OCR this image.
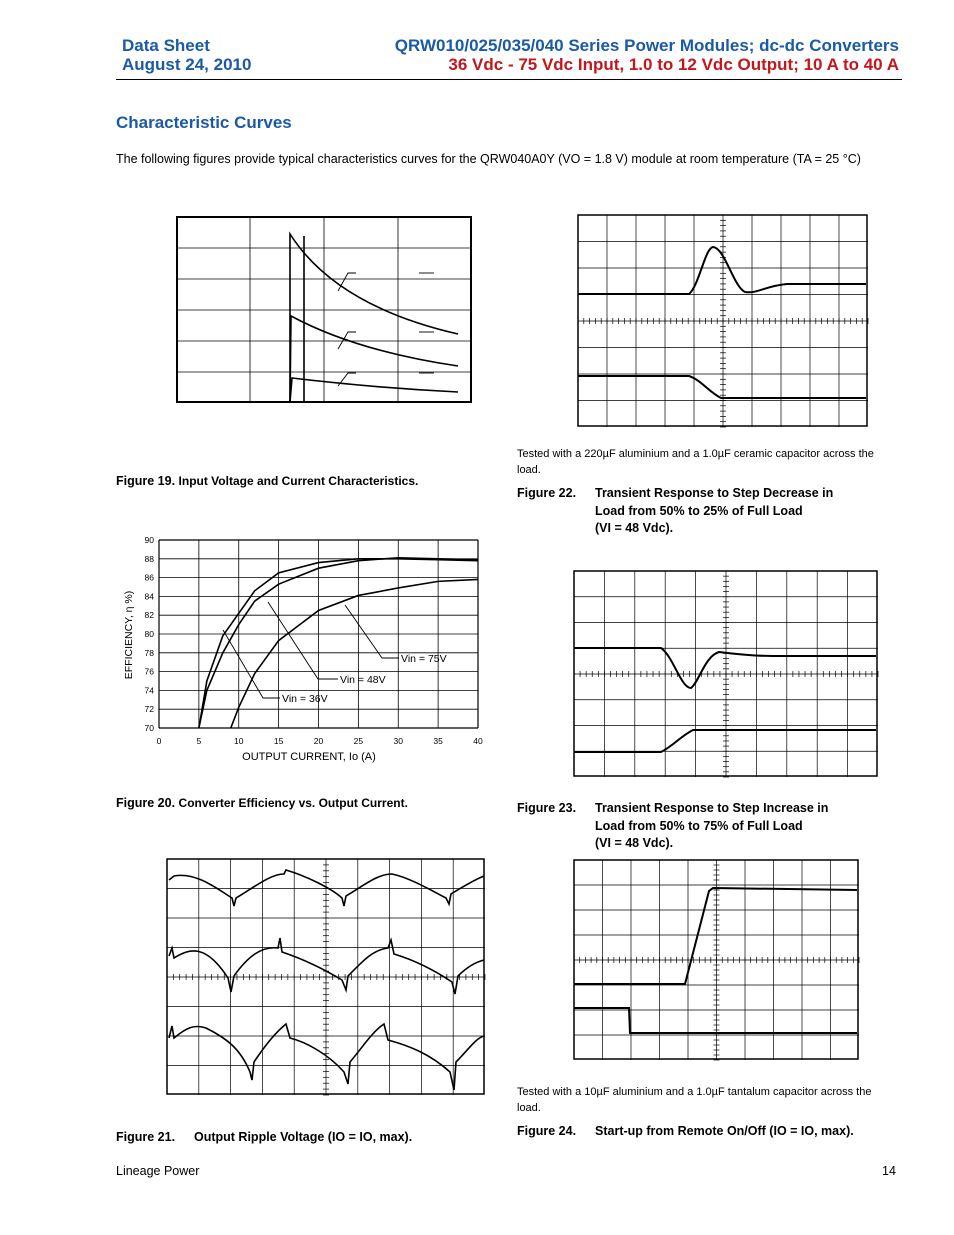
Data Sheet
August 24, 2010
QRW010/025/035/040 Series Power Modules; dc-dc Converters
36 Vdc - 75 Vdc Input, 1.0 to 12 Vdc Output; 10 A to 40 A
Characteristic Curves
The following figures provide typical characteristics curves for the QRW040A0Y (VO = 1.8 V) module at room temperature (TA = 25 °C)
Figure 19. Input Voltage and Current Characteristics.
0	5	10	15	20	25	30	35	40
70
72
74
76
78
80
82
84
86
88
90
Vin = 75V
Vin = 48V
Vin = 36V
OUTPUT CURRENT, Io (A)
EFFICIENCY, η %)
Figure 20. Converter Efficiency vs. Output Current.
Figure 21. Output Ripple Voltage (IO = IO, max).
Tested with a 220µF aluminium and a 1.0µF ceramic capacitor across the load.
Figure 22. Transient Response to Step Decrease in
Load from 50% to 25% of Full Load
(VI = 48 Vdc).
Figure 23. Transient Response to Step Increase in
Load from 50% to 75% of Full Load
(VI = 48 Vdc).
Tested with a 10µF aluminium and a 1.0µF tantalum capacitor across the load.
Figure 24. Start-up from Remote On/Off (IO = IO, max).
Lineage Power	14
